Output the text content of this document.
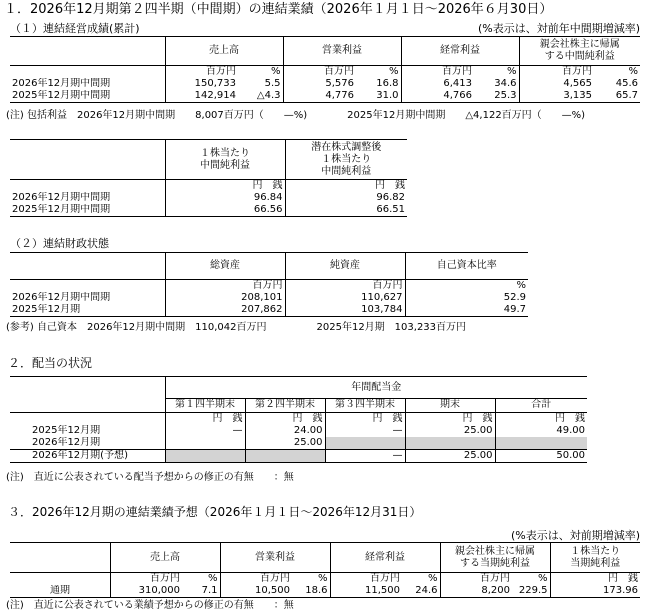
１．2026年12月期第２四半期（中間期）の連結業績（2026年１月１日～2026年６月30日）
（１）連結経営成績(累計)	(%表示は、対前年中間期増減率)
	売上高		営業利益		経常利益		親会社株主に帰属
する中間純利益	
	百万円	%	百万円	%	百万円	%	百万円	%
2026年12月期中間期	150,733	5.5	5,576	16.8	6,413	34.6	4,565	45.6
2025年12月期中間期	142,914	△4.3	4,776	31.0	4,766	25.3	3,135	65.7
(注) 包括利益　2026年12月期中間期　　8,007百万円（　　—%)　　　　2025年12月期中間期　　△4,122百万円（　　—%)
	１株当たり
中間純利益	潜在株式調整後
１株当たり
中間純利益
	円　銭	円　銭
2026年12月期中間期	96.84	96.82
2025年12月期中間期	66.56	66.51
（２）連結財政状態
	総資産	純資産	自己資本比率
	百万円	百万円	%
2026年12月期中間期	208,101	110,627	52.9
2025年12月期	207,862	103,784	49.7
(参考) 自己資本　2026年12月期中間期　110,042百万円　　　　　2025年12月期　103,233百万円
２．配当の状況
	年間配当金				
	第１四半期末	第２四半期末	第３四半期末	期末	合計
	円　銭	円　銭	円　銭	円　銭	円　銭
2025年12月期	—	24.00	—	25.00	49.00
2026年12月期		25.00			
2026年12月期(予想)			—	25.00	50.00
(注)　直近に公表されている配当予想からの修正の有無　　：無
３．2026年12月期の連結業績予想（2026年１月１日～2026年12月31日）
(%表示は、対前期増減率)
	売上高		営業利益		経常利益		親会社株主に帰属
する当期純利益		１株当たり
当期純利益
	百万円	%	百万円	%	百万円	%	百万円	%	円　銭
通期	310,000	7.1	10,500	18.6	11,500	24.6	8,200	229.5	173.96
(注)　直近に公表されている業績予想からの修正の有無　　：無
